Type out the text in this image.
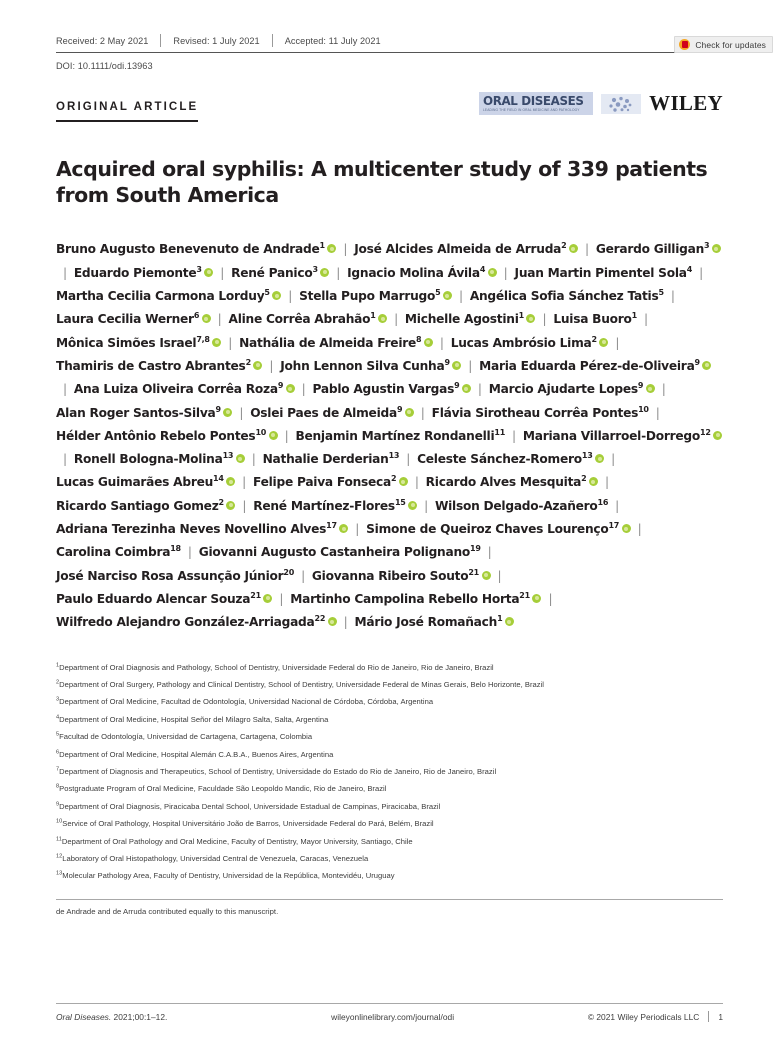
Check for updates
Received: 2 May 2021	Revised: 1 July 2021	Accepted: 11 July 2021
DOI: 10.1111/odi.13963
ORIGINAL ARTICLE	ORAL DISEASES
LEADING THE FIELD IN ORAL MEDICINE AND PATHOLOGY	WILEY
Acquired oral syphilis: A multicenter study of 339 patients from South America
Bruno Augusto Benevenuto de Andrade$^1$ | José Alcides Almeida de Arruda$^2$ | Gerardo Gilligan$^3$| Eduardo Piemonte$^3$ | René Panico$^3$ | Ignacio Molina Ávila$^4$ | Juan Martin Pimentel Sola$^4$ |Martha Cecilia Carmona Lorduy$^5$ | Stella Pupo Marrugo$^5$ | Angélica Sofia Sánchez Tatis$^5$ |Laura Cecilia Werner$^6$ | Aline Corrêa Abrahão$^1$ | Michelle Agostini$^1$ | Luisa Buoro$^1$ |Mônica Simões Israel$^{7,8}$ | Nathália de Almeida Freire$^8$ | Lucas Ambrósio Lima$^2$ |Thamiris de Castro Abrantes$^2$ | John Lennon Silva Cunha$^9$ | Maria Eduarda Pérez-de-Oliveira$^9$| Ana Luiza Oliveira Corrêa Roza$^9$ | Pablo Agustin Vargas$^9$ | Marcio Ajudarte Lopes$^9$ |Alan Roger Santos-Silva$^9$ | Oslei Paes de Almeida$^9$ | Flávia Sirotheau Corrêa Pontes$^{10}$ |Hélder Antônio Rebelo Pontes$^{10}$ | Benjamin Martínez Rondanelli$^{11}$ | Mariana Villarroel-Dorrego$^{12}$| Ronell Bologna-Molina$^{13}$ | Nathalie Derderian$^{13}$ | Celeste Sánchez-Romero$^{13}$ |Lucas Guimarães Abreu$^{14}$ | Felipe Paiva Fonseca$^2$ | Ricardo Alves Mesquita$^2$ |Ricardo Santiago Gomez$^2$ | René Martínez-Flores$^{15}$ | Wilson Delgado-Azañero$^{16}$ |Adriana Terezinha Neves Novellino Alves$^{17}$ | Simone de Queiroz Chaves Lourenço$^{17}$ |Carolina Coimbra$^{18}$ | Giovanni Augusto Castanheira Polignano$^{19}$ |José Narciso Rosa Assunção Júnior$^{20}$ | Giovanna Ribeiro Souto$^{21}$ |Paulo Eduardo Alencar Souza$^{21}$ | Martinho Campolina Rebello Horta$^{21}$ |Wilfredo Alejandro González-Arriagada$^{22}$ | Mário José Romañach$^1$
$^1$Department of Oral Diagnosis and Pathology, School of Dentistry, Universidade Federal do Rio de Janeiro, Rio de Janeiro, Brazil
$^2$Department of Oral Surgery, Pathology and Clinical Dentistry, School of Dentistry, Universidade Federal de Minas Gerais, Belo Horizonte, Brazil
$^3$Department of Oral Medicine, Facultad de Odontología, Universidad Nacional de Córdoba, Córdoba, Argentina
$^4$Department of Oral Medicine, Hospital Señor del Milagro Salta, Salta, Argentina
$^5$Facultad de Odontología, Universidad de Cartagena, Cartagena, Colombia
$^6$Department of Oral Medicine, Hospital Alemán C.A.B.A., Buenos Aires, Argentina
$^7$Department of Diagnosis and Therapeutics, School of Dentistry, Universidade do Estado do Rio de Janeiro, Rio de Janeiro, Brazil
$^8$Postgraduate Program of Oral Medicine, Faculdade São Leopoldo Mandic, Rio de Janeiro, Brazil
$^9$Department of Oral Diagnosis, Piracicaba Dental School, Universidade Estadual de Campinas, Piracicaba, Brazil
$^{10}$Service of Oral Pathology, Hospital Universitário João de Barros, Universidade Federal do Pará, Belém, Brazil
$^{11}$Department of Oral Pathology and Oral Medicine, Faculty of Dentistry, Mayor University, Santiago, Chile
$^{12}$Laboratory of Oral Histopathology, Universidad Central de Venezuela, Caracas, Venezuela
$^{13}$Molecular Pathology Area, Faculty of Dentistry, Universidad de la República, Montevidéu, Uruguay
de Andrade and de Arruda contributed equally to this manuscript.
Oral Diseases. 2021;00:1–12.	wileyonlinelibrary.com/journal/odi	© 2021 Wiley Periodicals LLC 1
